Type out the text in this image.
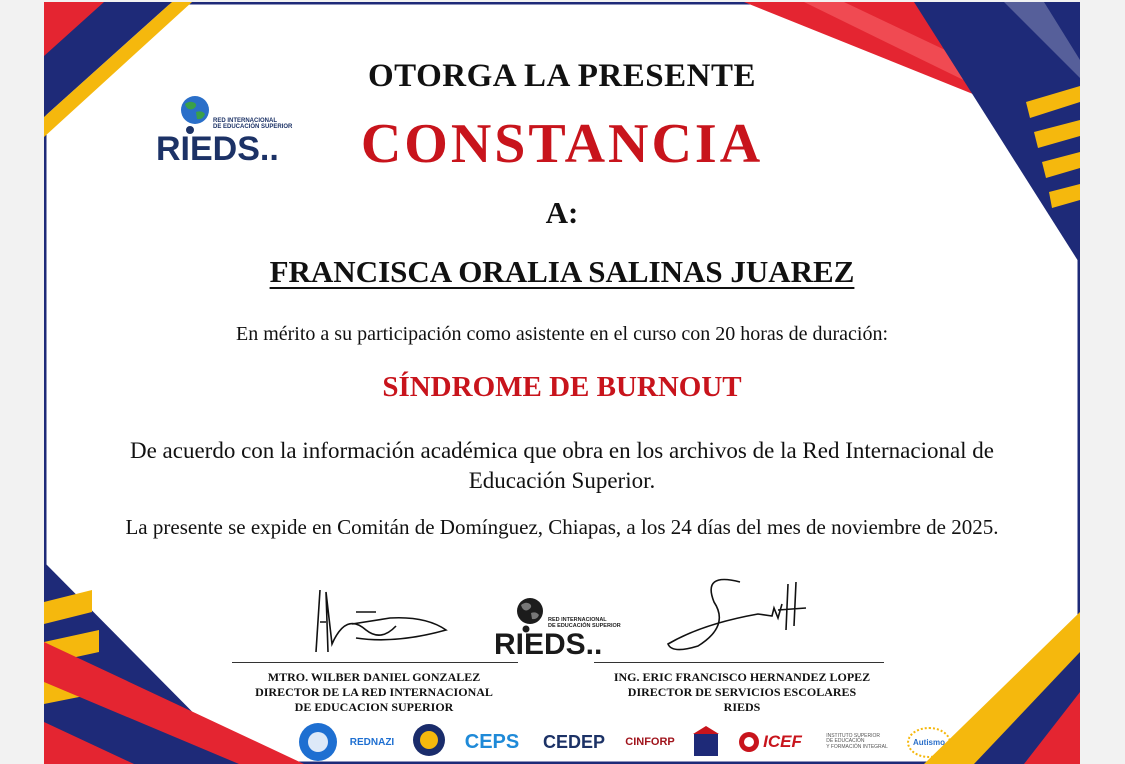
RED INTERNACIONAL
DE EDUCACIÓN SUPERIOR
RIEDS..
OTORGA LA PRESENTE
CONSTANCIA
A:
FRANCISCA ORALIA SALINAS JUAREZ
En mérito a su participación como asistente en el curso con 20 horas de duración:
SÍNDROME DE BURNOUT
De acuerdo con la información académica que obra en los archivos de la Red Internacional de
Educación Superior.
La presente se expide en Comitán de Domínguez, Chiapas, a los 24 días del mes de noviembre de 2025.
MTRO. WILBER DANIEL GONZALEZ
DIRECTOR DE LA RED INTERNACIONAL
DE EDUCACION SUPERIOR
RED INTERNACIONAL
DE EDUCACIÓN SUPERIOR
RIEDS..
ING. ERIC FRANCISCO HERNANDEZ LOPEZ
DIRECTOR DE SERVICIOS ESCOLARES
RIEDS
REDNAZI	CEPS CEDEP CINFORP	ICEF	INSTITUTO SUPERIOR
DE EDUCACIÓN
Y FORMACIÓN INTEGRAL
Autismo
